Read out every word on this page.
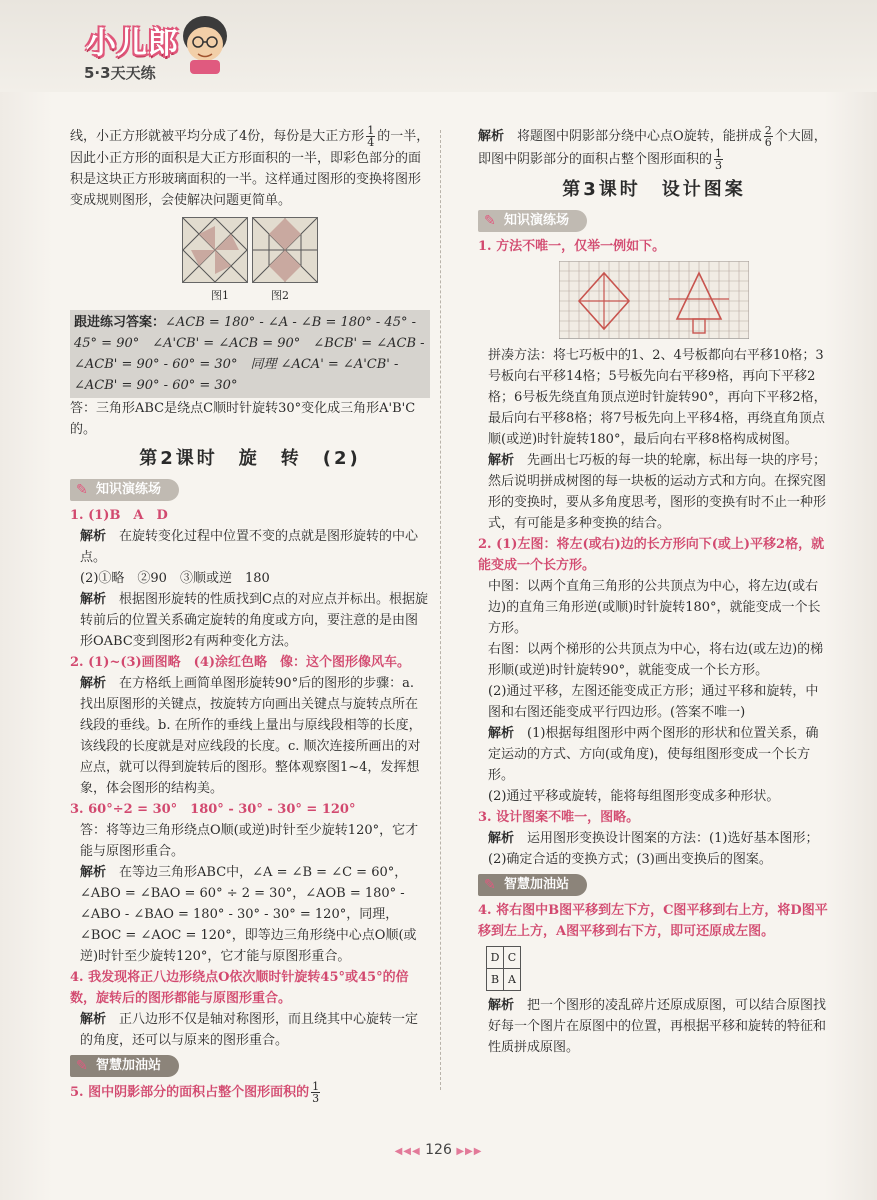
小儿郎
5·3天天练

线，小正方形就被平均分成了4份，每份是大正方形 $\frac{1}{4}$ 的一半，因此小正方形的面积是大正方形面积的一半，即彩色部分的面积是这块正方形玻璃面积的一半。这样通过图形的变换将图形变成规则图形，会使解决问题更简单。

图1	图2

跟进练习答案：∠ACB = 180° - ∠A - ∠B = 180° - 45° - 45° = 90°　∠A'CB' = ∠ACB = 90°　∠BCB' = ∠ACB - ∠ACB' = 90° - 60° = 30°　同理 ∠ACA' = ∠A'CB' - ∠ACB' = 90° - 60° = 30°

答：三角形ABC是绕点C顺时针旋转30°变化成三角形A'B'C的。

第2课时　旋　转　(2)
✎ 知识演练场

1. (1)B　A　D

解析　 在旋转变化过程中位置不变的点就是图形旋转的中心点。

(2)①略　②90　③顺或逆　180

解析　 根据图形旋转的性质找到C点的对应点并标出。根据旋转前后的位置关系确定旋转的角度或方向，要注意的是由图形OABC变到图形2有两种变化方法。

2. (1)~(3)画图略　(4)涂红色略　像：这个图形像风车。

解析　 在方格纸上画简单图形旋转90°后的图形的步骤：a. 找出原图形的关键点，按旋转方向画出关键点与旋转点所在线段的垂线。b. 在所作的垂线上量出与原线段相等的长度，该线段的长度就是对应线段的长度。c. 顺次连接所画出的对应点，就可以得到旋转后的图形。整体观察图1~4，发挥想象，体会图形的结构美。

3. 60°÷2 = 30°　180° - 30° - 30° = 120°

答：将等边三角形绕点O顺(或逆)时针至少旋转120°，它才能与原图形重合。

解析　 在等边三角形ABC中，∠A = ∠B = ∠C = 60°，∠ABO = ∠BAO = 60° ÷ 2 = 30°，∠AOB = 180° - ∠ABO - ∠BAO = 180° - 30° - 30° = 120°，同理，∠BOC = ∠AOC = 120°，即等边三角形绕中心点O顺(或逆)时针至少旋转120°，它才能与原图形重合。

4. 我发现将正八边形绕点O依次顺时针旋转45°或45°的倍数，旋转后的图形都能与原图形重合。

解析　 正八边形不仅是轴对称图形，而且绕其中心旋转一定的角度，还可以与原来的图形重合。

✎ 智慧加油站

5. 图中阴影部分的面积占整个图形面积的 $\frac{1}{3}$

解析　 将题图中阴影部分绕中心点O旋转，能拼成 $\frac{2}{6}$ 个大圆，即图中阴影部分的面积占整个图形面积的 $\frac{1}{3}$

第3课时　设计图案
✎ 知识演练场

1. 方法不唯一，仅举一例如下。

拼凑方法：将七巧板中的1、2、4号板都向右平移10格；3号板向右平移14格；5号板先向右平移9格，再向下平移2格；6号板先绕直角顶点逆时针旋转90°，再向下平移2格，最后向右平移8格；将7号板先向上平移4格，再绕直角顶点顺(或逆)时针旋转180°，最后向右平移8格构成树图。

解析　 先画出七巧板的每一块的轮廓，标出每一块的序号；然后说明拼成树图的每一块板的运动方式和方向。在探究图形的变换时，要从多角度思考，图形的变换有时不止一种形式，有可能是多种变换的结合。

2. (1)左图：将左(或右)边的长方形向下(或上)平移2格，就能变成一个长方形。

中图：以两个直角三角形的公共顶点为中心，将左边(或右边)的直角三角形逆(或顺)时针旋转180°，就能变成一个长方形。

右图：以两个梯形的公共顶点为中心，将右边(或左边)的梯形顺(或逆)时针旋转90°，就能变成一个长方形。

(2)通过平移，左图还能变成正方形；通过平移和旋转，中图和右图还能变成平行四边形。(答案不唯一)

解析　 (1)根据每组图形中两个图形的形状和位置关系，确定运动的方式、方向(或角度)，使每组图形变成一个长方形。

(2)通过平移或旋转，能将每组图形变成多种形状。

3. 设计图案不唯一，图略。

解析　 运用图形变换设计图案的方法：(1)选好基本图形；(2)确定合适的变换方式；(3)画出变换后的图案。

✎ 智慧加油站

4. 将右图中B图平移到左下方，C图平移到右上方，将D图平移到左上方，A图平移到右下方，即可还原成左图。

D	C
B	A

解析　 把一个图形的凌乱碎片还原成原图，可以结合原图找好每一个图片在原图中的位置，再根据平移和旋转的特征和性质拼成原图。

◀◀◀ 126 ▶▶▶
